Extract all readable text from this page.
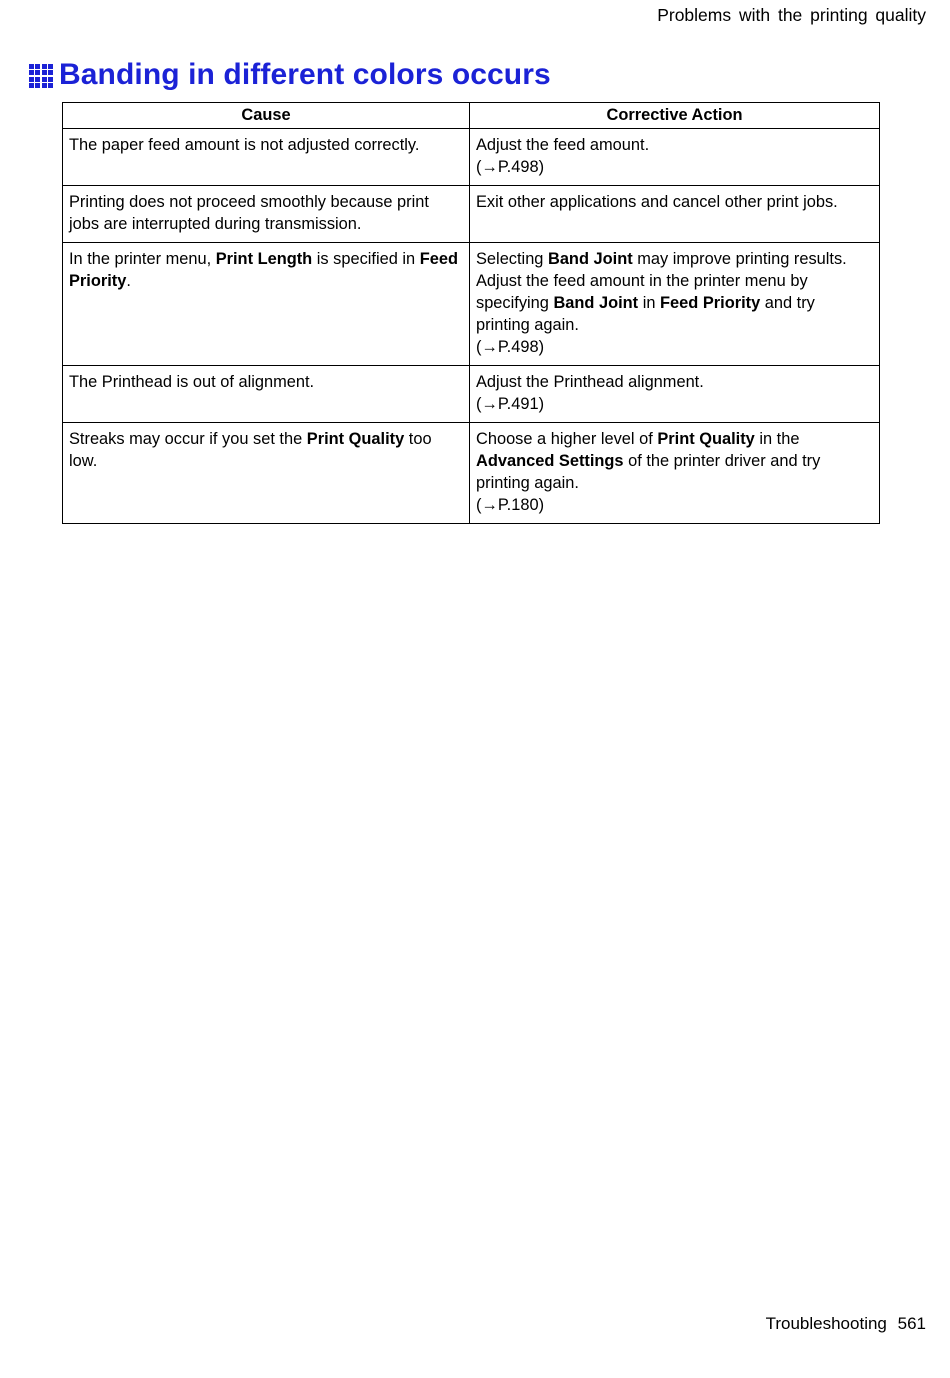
Problems with the printing quality
Banding in different colors occurs
Cause	Corrective Action
The paper feed amount is not adjusted correctly.	Adjust the feed amount.
(→P.498)

Printing does not proceed smoothly because print jobs are interrupted during transmission.	Exit other applications and cancel other print jobs.
In the printer menu, Print Length is specified in Feed Priority.	Selecting Band Joint may improve printing results. Adjust the feed amount in the printer menu by specifying Band Joint in Feed Priority and try printing again.
(→P.498)

The Printhead is out of alignment.	Adjust the Printhead alignment.
(→P.491)

Streaks may occur if you set the Print Quality too low.	Choose a higher level of Print Quality in the Advanced Settings of the printer driver and try printing again.
(→P.180)
Troubleshooting 561
